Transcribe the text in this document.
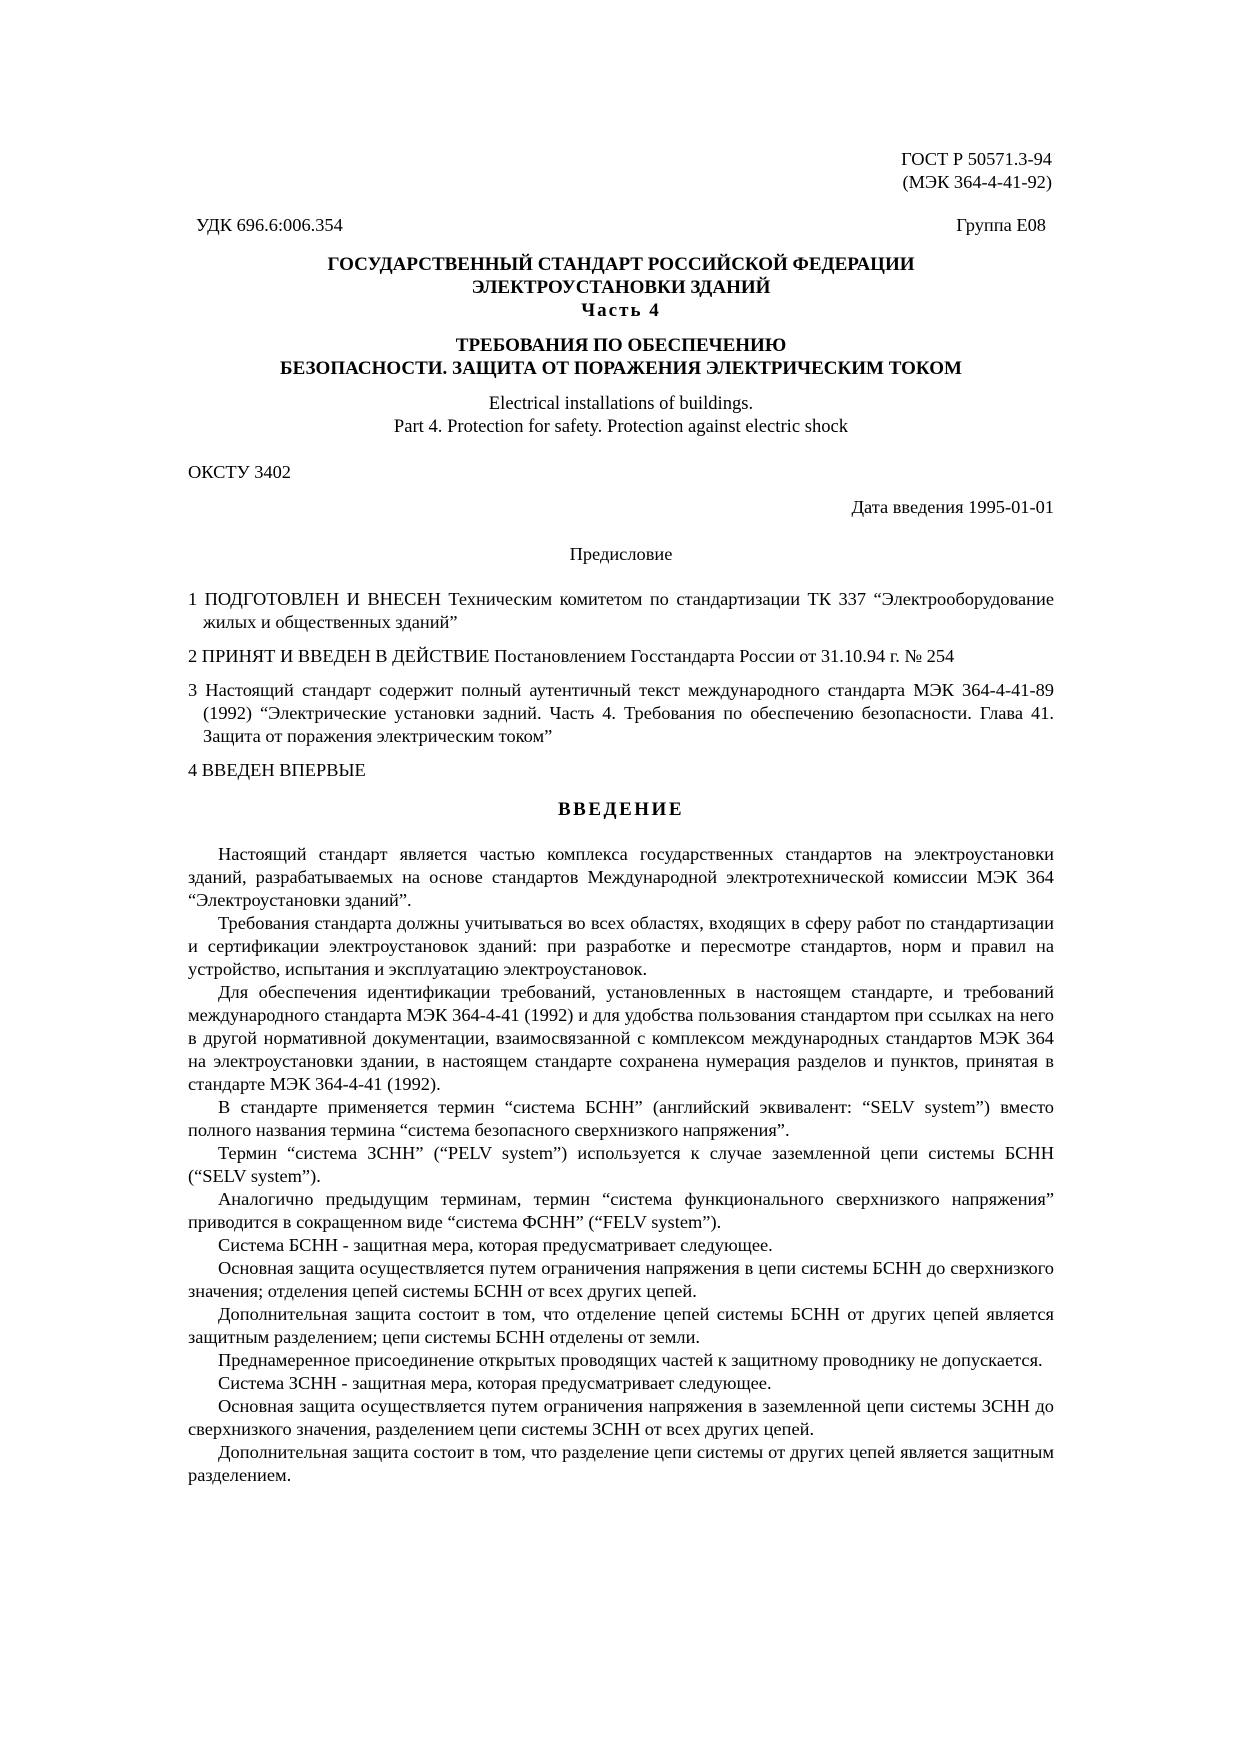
ГОСТ Р 50571.3-94
(МЭК 364-4-41-92)
УДК 696.6:006.354	Группа Е08
ГОСУДАРСТВЕННЫЙ СТАНДАРТ РОССИЙСКОЙ ФЕДЕРАЦИИ
ЭЛЕКТРОУСТАНОВКИ ЗДАНИЙ
Часть 4
ТРЕБОВАНИЯ ПО ОБЕСПЕЧЕНИЮ
БЕЗОПАСНОСТИ. ЗАЩИТА ОТ ПОРАЖЕНИЯ ЭЛЕКТРИЧЕСКИМ ТОКОМ
Electrical installations of buildings.
Part 4. Protection for safety. Protection against electric shock
ОКСТУ 3402
Дата введения 1995-01-01
Предисловие
1 ПОДГОТОВЛЕН И ВНЕСЕН Техническим комитетом по стандартизации ТК 337 “Электрооборудование жилых и общественных зданий”
2 ПРИНЯТ И ВВЕДЕН В ДЕЙСТВИЕ Постановлением Госстандарта России от 31.10.94 г. № 254
3 Настоящий стандарт содержит полный аутентичный текст международного стандарта МЭК 364-4-41-89 (1992) “Электрические установки задний. Часть 4. Требования по обеспечению безопасности. Глава 41. Защита от поражения электрическим током”
4 ВВЕДЕН ВПЕРВЫЕ
ВВЕДЕНИЕ

Настоящий стандарт является частью комплекса государственных стандартов на электроустановки зданий, разрабатываемых на основе стандартов Международной электротехнической комиссии МЭК 364 “Электроустановки зданий”.

Требования стандарта должны учитываться во всех областях, входящих в сферу работ по стандартизации и сертификации электроустановок зданий: при разработке и пересмотре стандартов, норм и правил на устройство, испытания и эксплуатацию электроустановок.

Для обеспечения идентификации требований, установленных в настоящем стандарте, и требований международного стандарта МЭК 364-4-41 (1992) и для удобства пользования стандартом при ссылках на него в другой нормативной документации, взаимосвязанной с комплексом международных стандартов МЭК 364 на электроустановки здании, в настоящем стандарте сохранена нумерация разделов и пунктов, принятая в стандарте МЭК 364-4-41 (1992).

В стандарте применяется термин “система БСНН” (английский эквивалент: “SELV system”) вместо полного названия термина “система безопасного сверхнизкого напряжения”.

Термин “система ЗСНН” (“PELV system”) используется к случае заземленной цепи системы БСНН (“SELV system”).

Аналогично предыдущим терминам, термин “система функционального сверхнизкого напряжения” приводится в сокращенном виде “система ФСНН” (“FELV system”).

Система БСНН - защитная мера, которая предусматривает следующее.

Основная защита осуществляется путем ограничения напряжения в цепи системы БСНН до сверхнизкого значения; отделения цепей системы БСНН от всех других цепей.

Дополнительная защита состоит в том, что отделение цепей системы БСНН от других цепей является защитным разделением; цепи системы БСНН отделены от земли.

Преднамеренное присоединение открытых проводящих частей к защитному проводнику не допускается.

Система ЗСНН - защитная мера, которая предусматривает следующее.

Основная защита осуществляется путем ограничения напряжения в заземленной цепи системы ЗСНН до сверхнизкого значения, разделением цепи системы ЗСНН от всех других цепей.

Дополнительная защита состоит в том, что разделение цепи системы от других цепей является защитным разделением.
